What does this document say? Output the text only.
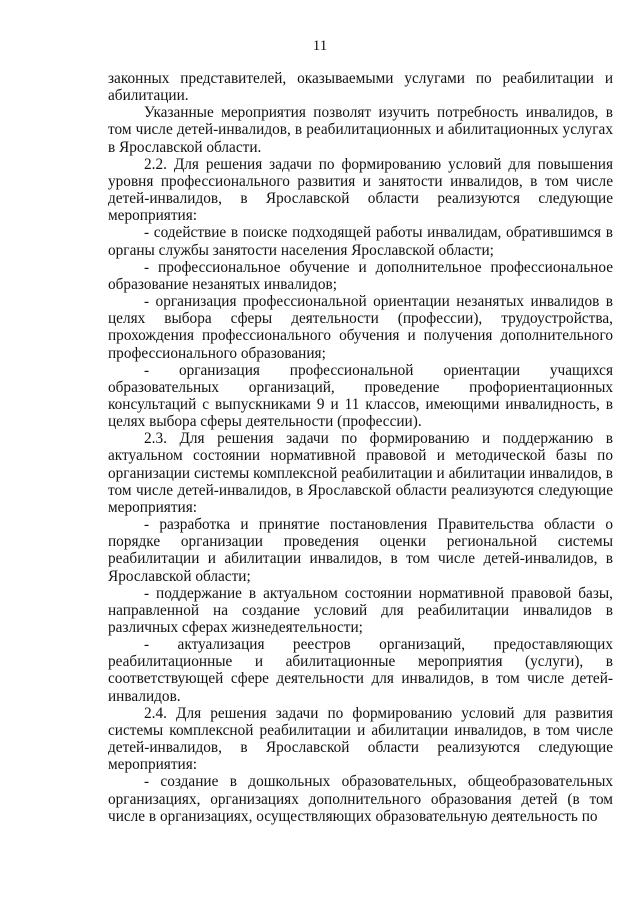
11

законных представителей, оказываемыми услугами по реабилитации и абилитации.

Указанные мероприятия позволят изучить потребность инвалидов, в том числе детей-инвалидов, в реабилитационных и абилитационных услугах в Ярославской области.

2.2. Для решения задачи по формированию условий для повышения уровня профессионального развития и занятости инвалидов, в том числе детей-инвалидов, в Ярославской области реализуются следующие мероприятия:

- содействие в поиске подходящей работы инвалидам, обратившимся в органы службы занятости населения Ярославской области;

- профессиональное обучение и дополнительное профессиональное образование незанятых инвалидов;

- организация профессиональной ориентации незанятых инвалидов в целях выбора сферы деятельности (профессии), трудоустройства, прохождения профессионального обучения и получения дополнительного профессионального образования;

- организация профессиональной ориентации учащихся образовательных организаций, проведение профориентационных консультаций с выпускниками 9 и 11 классов, имеющими инвалидность, в целях выбора сферы деятельности (профессии).

2.3. Для решения задачи по формированию и поддержанию в актуальном состоянии нормативной правовой и методической базы по организации системы комплексной реабилитации и абилитации инвалидов, в том числе детей-инвалидов, в Ярославской области реализуются следующие мероприятия:

- разработка и принятие постановления Правительства области о порядке организации проведения оценки региональной системы реабилитации и абилитации инвалидов, в том числе детей-инвалидов, в Ярославской области;

- поддержание в актуальном состоянии нормативной правовой базы, направленной на создание условий для реабилитации инвалидов в различных сферах жизнедеятельности;

- актуализация реестров организаций, предоставляющих реабилитационные и абилитационные мероприятия (услуги), в соответствующей сфере деятельности для инвалидов, в том числе детей-инвалидов.

2.4. Для решения задачи по формированию условий для развития системы комплексной реабилитации и абилитации инвалидов, в том числе детей-инвалидов, в Ярославской области реализуются следующие мероприятия:

- создание в дошкольных образовательных, общеобразовательных организациях, организациях дополнительного образования детей (в том числе в организациях, осуществляющих образовательную деятельность по
